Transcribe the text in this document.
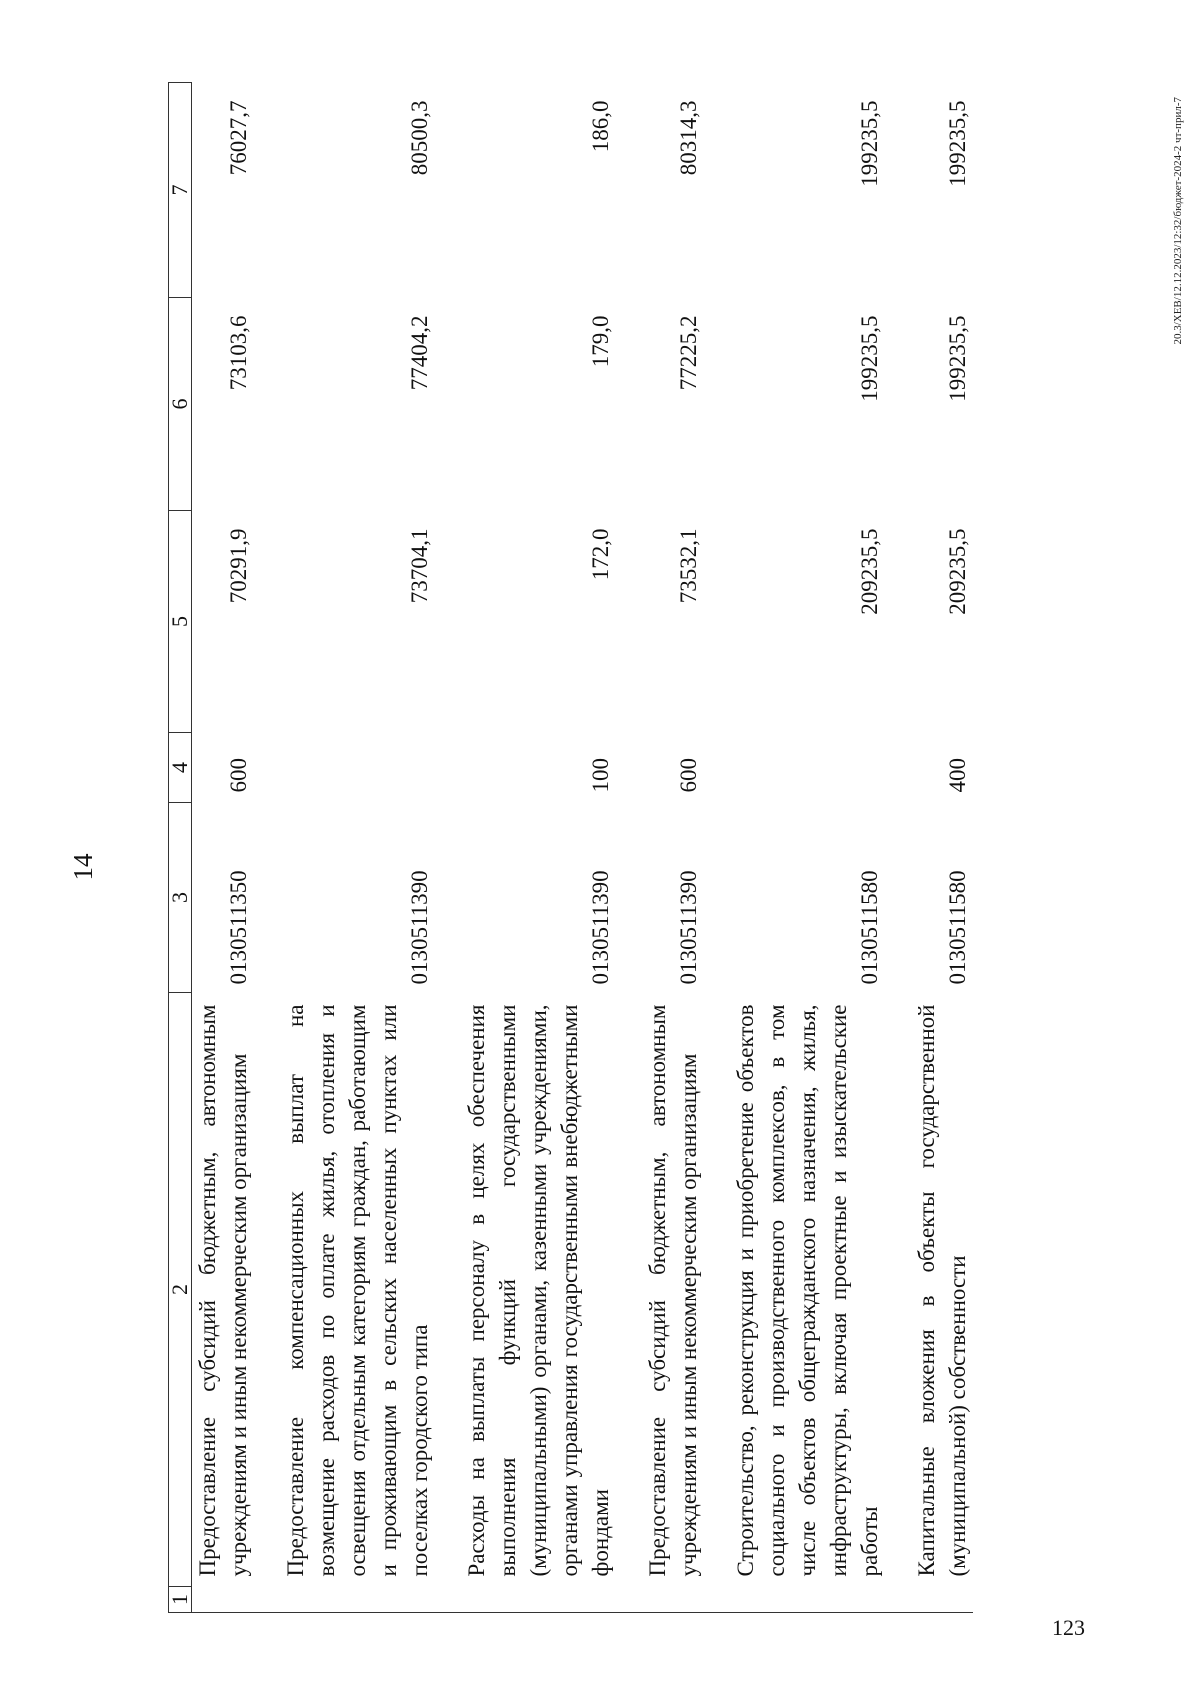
14
1	2	3	4	5	6	7
	Предоставление субсидий бюджетным, автономным учреждениям и иным некоммерческим организациям	0130511350	600	70291,9	73103,6	76027,7

	Предоставление компенсационных выплат на возмещение расходов по оплате жилья, отопления и освещения отдельным категориям граждан, работающим и проживающим в сельских населенных пунктах или поселках городского типа	0130511390		73704,1	77404,2	80500,3

	Расходы на выплаты персоналу в целях обеспечения выполнения функций государственными (муниципальными) органами, казенными учреждениями, органами управления государственными внебюджетными фондами	0130511390	100	172,0	179,0	186,0

	Предоставление субсидий бюджетным, автономным учреждениям и иным некоммерческим организациям	0130511390	600	73532,1	77225,2	80314,3

	Строительство, реконструкция и приобретение объектов социального и производственного комплексов, в том числе объектов общегражданского назначения, жилья, инфраструктуры, включая проектные и изыскательские работы	0130511580		209235,5	199235,5	199235,5

	Капитальные вложения в объекты государственной (муниципальной) собственности	0130511580	400	209235,5	199235,5	199235,5	20.3/XEB/12.12.2023/12:32/бюджет-2024-2 чт-прил-7
123
